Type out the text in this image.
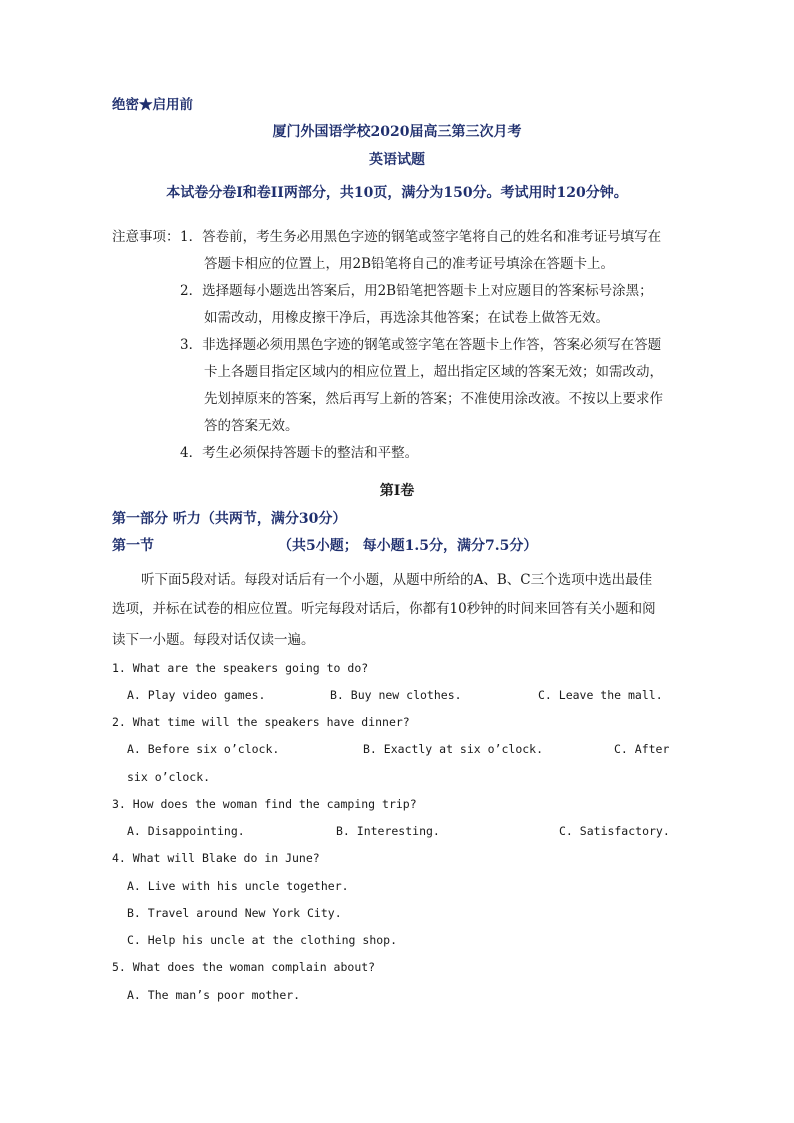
绝密★启用前
厦门外国语学校2020届高三第三次月考
英语试题
本试卷分卷I和卷II两部分，共10页，满分为150分。考试用时120分钟。
注意事项： 1．答卷前，考生务必用黑色字迹的钢笔或签字笔将自己的姓名和准考证号填写在
答题卡相应的位置上，用2B铅笔将自己的准考证号填涂在答题卡上。
2．选择题每小题选出答案后，用2B铅笔把答题卡上对应题目的答案标号涂黑；
如需改动，用橡皮擦干净后，再选涂其他答案；在试卷上做答无效。
3．非选择题必须用黑色字迹的钢笔或签字笔在答题卡上作答，答案必须写在答题
卡上各题目指定区域内的相应位置上，超出指定区域的答案无效；如需改动，
先划掉原来的答案，然后再写上新的答案；不准使用涂改液。不按以上要求作
答的答案无效。
4．考生必须保持答题卡的整洁和平整。
第I卷
第一部分 听力（共两节，满分30分）
第一节	（共5小题； 每小题1.5分，满分7.5分）
听下面5段对话。每段对话后有一个小题，从题中所给的A、B、C三个选项中选出最佳
选项，并标在试卷的相应位置。听完每段对话后，你都有10秒钟的时间来回答有关小题和阅
读下一小题。每段对话仅读一遍。
1. What are the speakers going to do?
A. Play video games.	B. Buy new clothes.	C. Leave the mall.
2. What time will the speakers have dinner?
A. Before six o’clock.	B. Exactly at six o’clock.	C. After
six o’clock.
3. How does the woman find the camping trip?
A. Disappointing.	B. Interesting.	C. Satisfactory.
4. What will Blake do in June?
A. Live with his uncle together.
B. Travel around New York City.
C. Help his uncle at the clothing shop.
5. What does the woman complain about?
A. The man’s poor mother.
